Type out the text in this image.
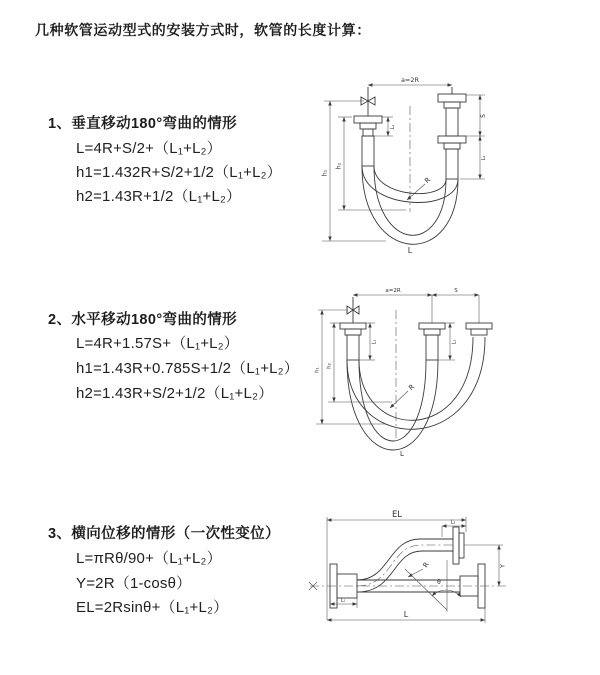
几种软管运动型式的安装方式时，软管的长度计算：
1、垂直移动180°弯曲的情形
L=4R+S/2+（L₁+L₂）
h1=1.432R+S/2+1/2（L₁+L₂）
h2=1.43R+1/2（L₁+L₂）
2、水平移动180°弯曲的情形
L=4R+1.57S+（L₁+L₂）
h1=1.43R+0.785S+1/2（L₁+L₂）
h2=1.43R+S/2+1/2（L₁+L₂）
3、横向位移的情形（一次性变位）
L=πRθ/90+（L₁+L₂）
Y=2R（1-cosθ）
EL=2Rsinθ+（L₁+L₂）
a=2R
h₁
h₂
L₁
S
L₂
R
L
a=2R	S
h₁
h₂
L₁	L₂
R
L
θ
EL
L₂
Y
L
L₁
R
